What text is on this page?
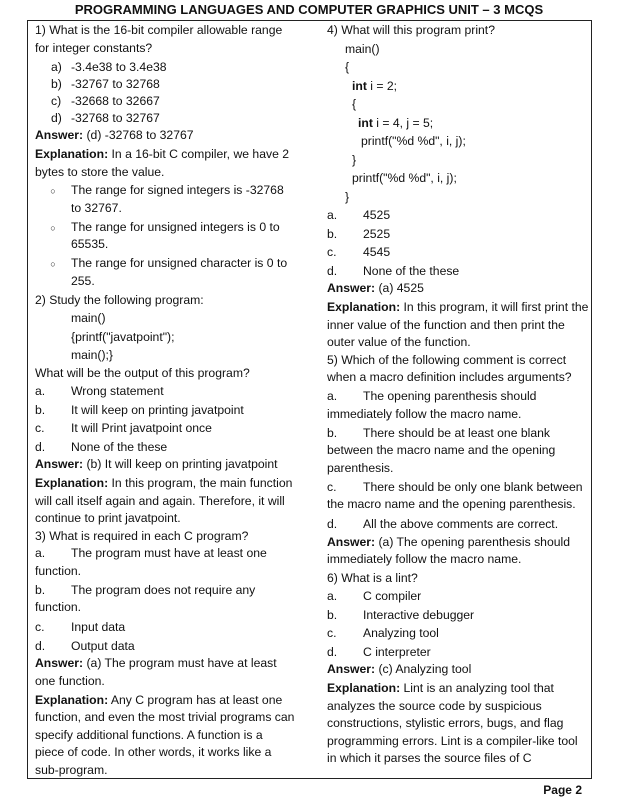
PROGRAMMING LANGUAGES AND COMPUTER GRAPHICS UNIT – 3 MCQS

1) What is the 16-bit compiler allowable range for integer constants?

a) -3.4e38 to 3.4e38
b) -32767 to 32768
c) -32668 to 32667
d) -32768 to 32767

Answer: (d) -32768 to 32767

Explanation: In a 16-bit C compiler, we have 2 bytes to store the value.

○	The range for signed integers is -32768 to 32767.
○	The range for unsigned integers is 0 to 65535.
○	The range for unsigned character is 0 to 255.

2) Study the following program:

main()
{printf("javatpoint");
main();}

What will be the output of this program?

a.	Wrong statement
b.	It will keep on printing javatpoint
c.	It will Print javatpoint once
d.	None of the these

Answer: (b) It will keep on printing javatpoint

Explanation: In this program, the main function will call itself again and again. Therefore, it will continue to print javatpoint.

3) What is required in each C program?

a. The program must have at least one function.

b. The program does not require any function.

c.	Input data
d.	Output data

Answer: (a) The program must have at least one function.

Explanation: Any C program has at least one function, and even the most trivial programs can specify additional functions. A function is a piece of code. In other words, it works like a sub-program.

4) What will this program print?

main()
{
int i = 2;
{
int i = 4, j = 5;
printf("%d %d", i, j);
}
printf("%d %d", i, j);
}
a.	4525
b.	2525
c.	4545
d.	None of the these

Answer: (a) 4525

Explanation: In this program, it will first print the inner value of the function and then print the outer value of the function.

5) Which of the following comment is correct when a macro definition includes arguments?

a. The opening parenthesis should immediately follow the macro name.

b. There should be at least one blank between the macro name and the opening parenthesis.

c. There should be only one blank between the macro name and the opening parenthesis.

d.	All the above comments are correct.

Answer: (a) The opening parenthesis should immediately follow the macro name.

6) What is a lint?

a.	C compiler
b.	Interactive debugger
c.	Analyzing tool
d.	C interpreter

Answer: (c) Analyzing tool

Explanation: Lint is an analyzing tool that analyzes the source code by suspicious constructions, stylistic errors, bugs, and flag programming errors. Lint is a compiler-like tool in which it parses the source files of C

Page 2
